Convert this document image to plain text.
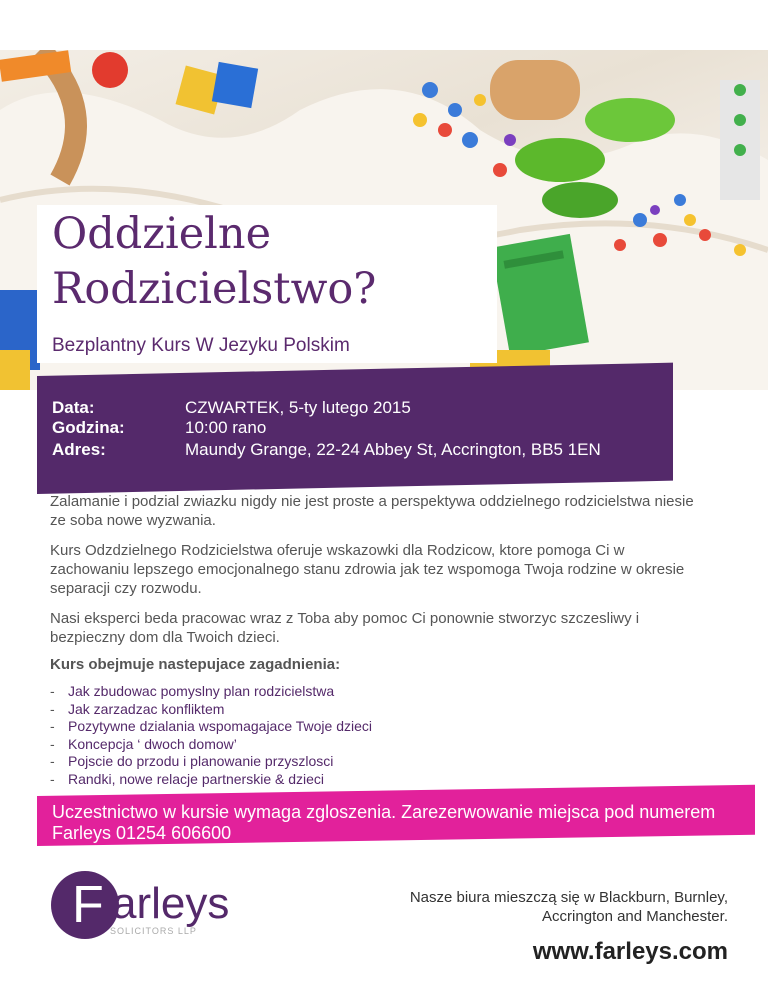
Oddzielne
Rodzicielstwo?
Bezplantny Kurs W Jezyku Polskim
Data:	CZWARTEK, 5-ty lutego 2015
Godzina:	10:00 rano
Adres:	Maundy Grange, 22-24 Abbey St, Accrington, BB5 1EN

Zalamanie i podzial zwiazku nigdy nie jest proste a perspektywa oddzielnego rodzicielstwa niesie ze soba nowe wyzwania.

Kurs Odzdzielnego Rodzicielstwa oferuje wskazowki dla Rodzicow, ktore pomoga Ci w zachowaniu lepszego emocjonalnego stanu zdrowia jak tez wspomoga Twoja rodzine w okresie separacji czy rozwodu.

Nasi eksperci beda pracowac wraz z Toba aby pomoc Ci ponownie stworzyc szczesliwy i bezpieczny dom dla Twoich dzieci.

Kurs obejmuje nastepujace zagadnienia:
- Jak zbudowac pomyslny plan rodzicielstwa
- Jak zarzadzac konfliktem
- Pozytywne dzialania wspomagajace Twoje dzieci
- Koncepcja ‘ dwoch domow’
- Pojscie do przodu i planowanie przyszlosci
- Randki, nowe relacje partnerskie & dzieci
Uczestnictwo w kursie wymaga zgloszenia. Zarezerwowanie miejsca pod numerem Farleys 01254 606600
F arleys
SOLICITORS LLP
Nasze biura mieszczą się w Blackburn, Burnley,
Accrington and Manchester.
www.farleys.com
